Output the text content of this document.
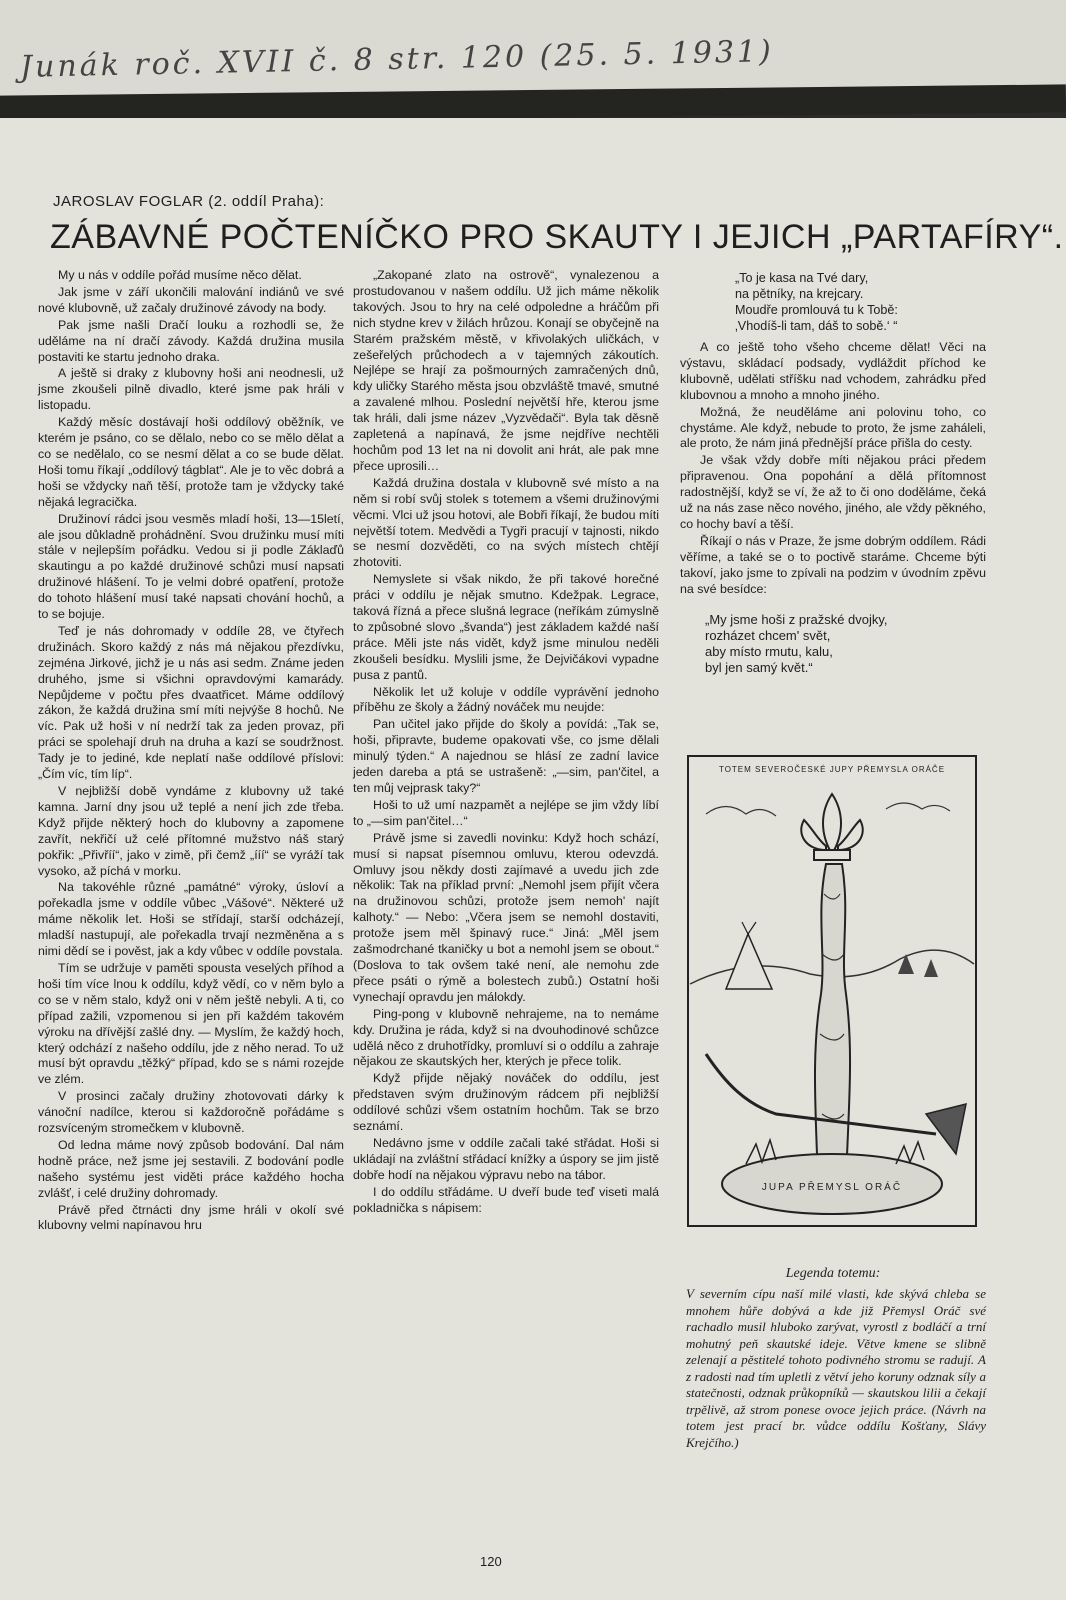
Junák roč. XVII č. 8 str. 120 (25. 5. 1931)
JAROSLAV FOGLAR (2. oddíl Praha):
ZÁBAVNÉ POČTENÍČKO PRO SKAUTY I JEJICH „PARTAFÍRY“.

My u nás v oddíle pořád musíme něco dělat.

Jak jsme v září ukončili malování indiánů ve své nové klubovně, už začaly družinové závody na body.

Pak jsme našli Dračí louku a rozhodli se, že uděláme na ní dračí závody. Každá družina musila postaviti ke startu jednoho draka.

A ještě si draky z klubovny hoši ani neodnesli, už jsme zkoušeli pilně divadlo, které jsme pak hráli v listopadu.

Každý měsíc dostávají hoši oddílový oběžník, ve kterém je psáno, co se dělalo, nebo co se mělo dělat a co se nedělalo, co se nesmí dělat a co se bude dělat. Hoši tomu říkají „oddílový tágblat“. Ale je to věc dobrá a hoši se vždycky naň těší, protože tam je vždycky také nějaká legracička.

Družinoví rádci jsou vesměs mladí hoši, 13—15letí, ale jsou důkladně prohádnění. Svou družinku musí míti stále v nejlepším pořádku. Vedou si ji podle Záklaďů skautingu a po každé družinové schůzi musí napsati družinové hlášení. To je velmi dobré opatření, protože do tohoto hlášení musí také napsati chování hochů, a to se bojuje.

Teď je nás dohromady v oddíle 28, ve čtyřech družinách. Skoro každý z nás má nějakou přezdívku, zejména Jirkové, jichž je u nás asi sedm. Známe jeden druhého, jsme si všichni opravdovými kamarády. Nepůjdeme v počtu přes dvaatřicet. Máme oddílový zákon, že každá družina smí míti nejvýše 8 hochů. Ne víc. Pak už hoši v ní nedrží tak za jeden provaz, při práci se spolehají druh na druha a kazí se soudržnost. Tady je to jediné, kde neplatí naše oddílové příslovi: „Čím víc, tím líp“.

V nejbližší době vyndáme z klubovny už také kamna. Jarní dny jsou už teplé a není jich zde třeba. Když přijde některý hoch do klubovny a zapomene zavřít, nekřičí už celé přítomné mužstvo náš starý pokřik: „Přivříí“, jako v zimě, při čemž „ííí“ se vyráží tak vysoko, až píchá v morku.

Na takovéhle různé „památné“ výroky, úsloví a pořekadla jsme v oddíle vůbec „Vášové“. Některé už máme několik let. Hoši se střídají, starší odcházejí, mladší nastupují, ale pořekadla trvají nezměněna a s nimi dědí se i pověst, jak a kdy vůbec v oddíle povstala.

Tím se udržuje v paměti spousta veselých příhod a hoši tím více lnou k oddílu, když vědí, co v něm bylo a co se v něm stalo, když oni v něm ještě nebyli. A ti, co případ zažili, vzpomenou si jen při každém takovém výroku na dřívější zašlé dny. — Myslím, že každý hoch, který odchází z našeho oddílu, jde z něho nerad. To už musí být opravdu „těžký“ případ, kdo se s námi rozejde ve zlém.

V prosinci začaly družiny zhotovovati dárky k vánoční nadílce, kterou si každoročně pořádáme s rozsvíceným stromečkem v klubovně.

Od ledna máme nový způsob bodování. Dal nám hodně práce, než jsme jej sestavili. Z bodování podle našeho systému jest viděti práce každého hocha zvlášť, i celé družiny dohromady.

Právě před čtrnácti dny jsme hráli v okolí své klubovny velmi napínavou hru

„Zakopané zlato na ostrově“, vynalezenou a prostudovanou v našem oddílu. Už jich máme několik takových. Jsou to hry na celé odpoledne a hráčům při nich stydne krev v žilách hrůzou. Konají se obyčejně na Starém pražském městě, v křivolakých uličkách, v zešeřelých průchodech a v tajemných zákoutích. Nejlépe se hrají za pošmourných zamračených dnů, kdy uličky Starého města jsou obzvláště tmavé, smutné a zavalené mlhou. Poslední největší hře, kterou jsme tak hráli, dali jsme název „Vyzvědači“. Byla tak děsně zapletená a napínavá, že jsme nejdříve nechtěli hochům pod 13 let na ni dovolit ani hrát, ale pak mne přece uprosili…

Každá družina dostala v klubovně své místo a na něm si robí svůj stolek s totemem a všemi družinovými věcmi. Vlci už jsou hotovi, ale Bobři říkají, že budou míti největší totem. Medvědi a Tygři pracují v tajnosti, nikdo se nesmí dozvěděti, co na svých místech chtějí zhotoviti.

Nemyslete si však nikdo, že při takové horečné práci v oddílu je nějak smutno. Kdežpak. Legrace, taková řízná a přece slušná legrace (neříkám zúmyslně to způsobné slovo „švanda“) jest základem každé naší práce. Měli jste nás vidět, když jsme minulou neděli zkoušeli besídku. Myslili jsme, že Dejvičákovi vypadne pusa z pantů.

Několik let už koluje v oddíle vyprávění jednoho příběhu ze školy a žádný nováček mu neujde:

Pan učitel jako přijde do školy a povídá: „Tak se, hoši, připravte, budeme opakovati vše, co jsme dělali minulý týden.“ A najednou se hlásí ze zadní lavice jeden dareba a ptá se ustrašeně: „—sim, pan'čitel, a ten můj vejprask taky?“

Hoši to už umí nazpamět a nejlépe se jim vždy líbí to „—sim pan'čitel…“

Právě jsme si zavedli novinku: Když hoch schází, musí si napsat písemnou omluvu, kterou odevzdá. Omluvy jsou někdy dosti zajímavé a uvedu jich zde několik: Tak na příklad první: „Nemohl jsem přijít včera na družinovou schůzi, protože jsem nemoh' najít kalhoty.“ — Nebo: „Včera jsem se nemohl dostaviti, protože jsem měl špinavý ruce.“ Jiná: „Měl jsem zašmodrchané tkaničky u bot a nemohl jsem se obout.“ (Doslova to tak ovšem také není, ale nemohu zde přece psáti o rýmě a bolestech zubů.) Ostatní hoši vynechají opravdu jen málokdy.

Ping-pong v klubovně nehrajeme, na to nemáme kdy. Družina je ráda, když si na dvouhodinové schůzce udělá něco z druhotřídky, promluví si o oddílu a zahraje nějakou ze skautských her, kterých je přece tolik.

Když přijde nějaký nováček do oddílu, jest představen svým družinovým rádcem při nejbližší oddílové schůzi všem ostatním hochům. Tak se brzo seznámí.

Nedávno jsme v oddíle začali také střádat. Hoši si ukládají na zvláštní střádací knížky a úspory se jim jistě dobře hodí na nějakou výpravu nebo na tábor.

I do oddílu střádáme. U dveří bude teď viseti malá pokladnička s nápisem:

„To je kasa na Tvé dary,
na pětníky, na krejcary.
Moudře promlouvá tu k Tobě:
‚Vhodíš-li tam, dáš to sobě.‘ “

A co ještě toho všeho chceme dělat! Věci na výstavu, skládací podsady, vydláždit příchod ke klubovně, udělati stříšku nad vchodem, zahrádku před klubovnou a mnoho a mnoho jiného.

Možná, že neuděláme ani polovinu toho, co chystáme. Ale když, nebude to proto, že jsme zaháleli, ale proto, že nám jiná přednější práce přišla do cesty.

Je však vždy dobře míti nějakou práci předem připravenou. Ona popohání a dělá přítomnost radostnější, když se ví, že až to či ono doděláme, čeká už na nás zase něco nového, jiného, ale vždy pěkného, co hochy baví a těší.

Říkají o nás v Praze, že jsme dobrým oddílem. Rádi věříme, a také se o to poctivě staráme. Chceme býti takoví, jako jsme to zpívali na podzim v úvodním zpěvu na své besídce:

„My jsme hoši z pražské dvojky,
rozházet chcem' svět,
aby místo rmutu, kalu,
byl jen samý květ.“
TOTEM SEVEROČESKÉ JUPY PŘEMYSLA ORÁČE
JUPA PŘEMYSL ORÁČ
Legenda totemu:
V severním cípu naší milé vlasti, kde skývá chleba se mnohem hůře dobývá a kde již Přemysl Oráč své rachadlo musil hluboko zarývat, vyrostl z bodláčí a trní mohutný peň skautské ideje. Větve kmene se slibně zelenají a pěstitelé tohoto podivného stromu se radují. A z radosti nad tím upletli z větví jeho koruny odznak síly a statečnosti, odznak průkopníků — skautskou lilii a čekají trpělivě, až strom ponese ovoce jejich práce. (Návrh na totem jest prací br. vůdce oddílu Košťany, Slávy Krejčího.)
120
